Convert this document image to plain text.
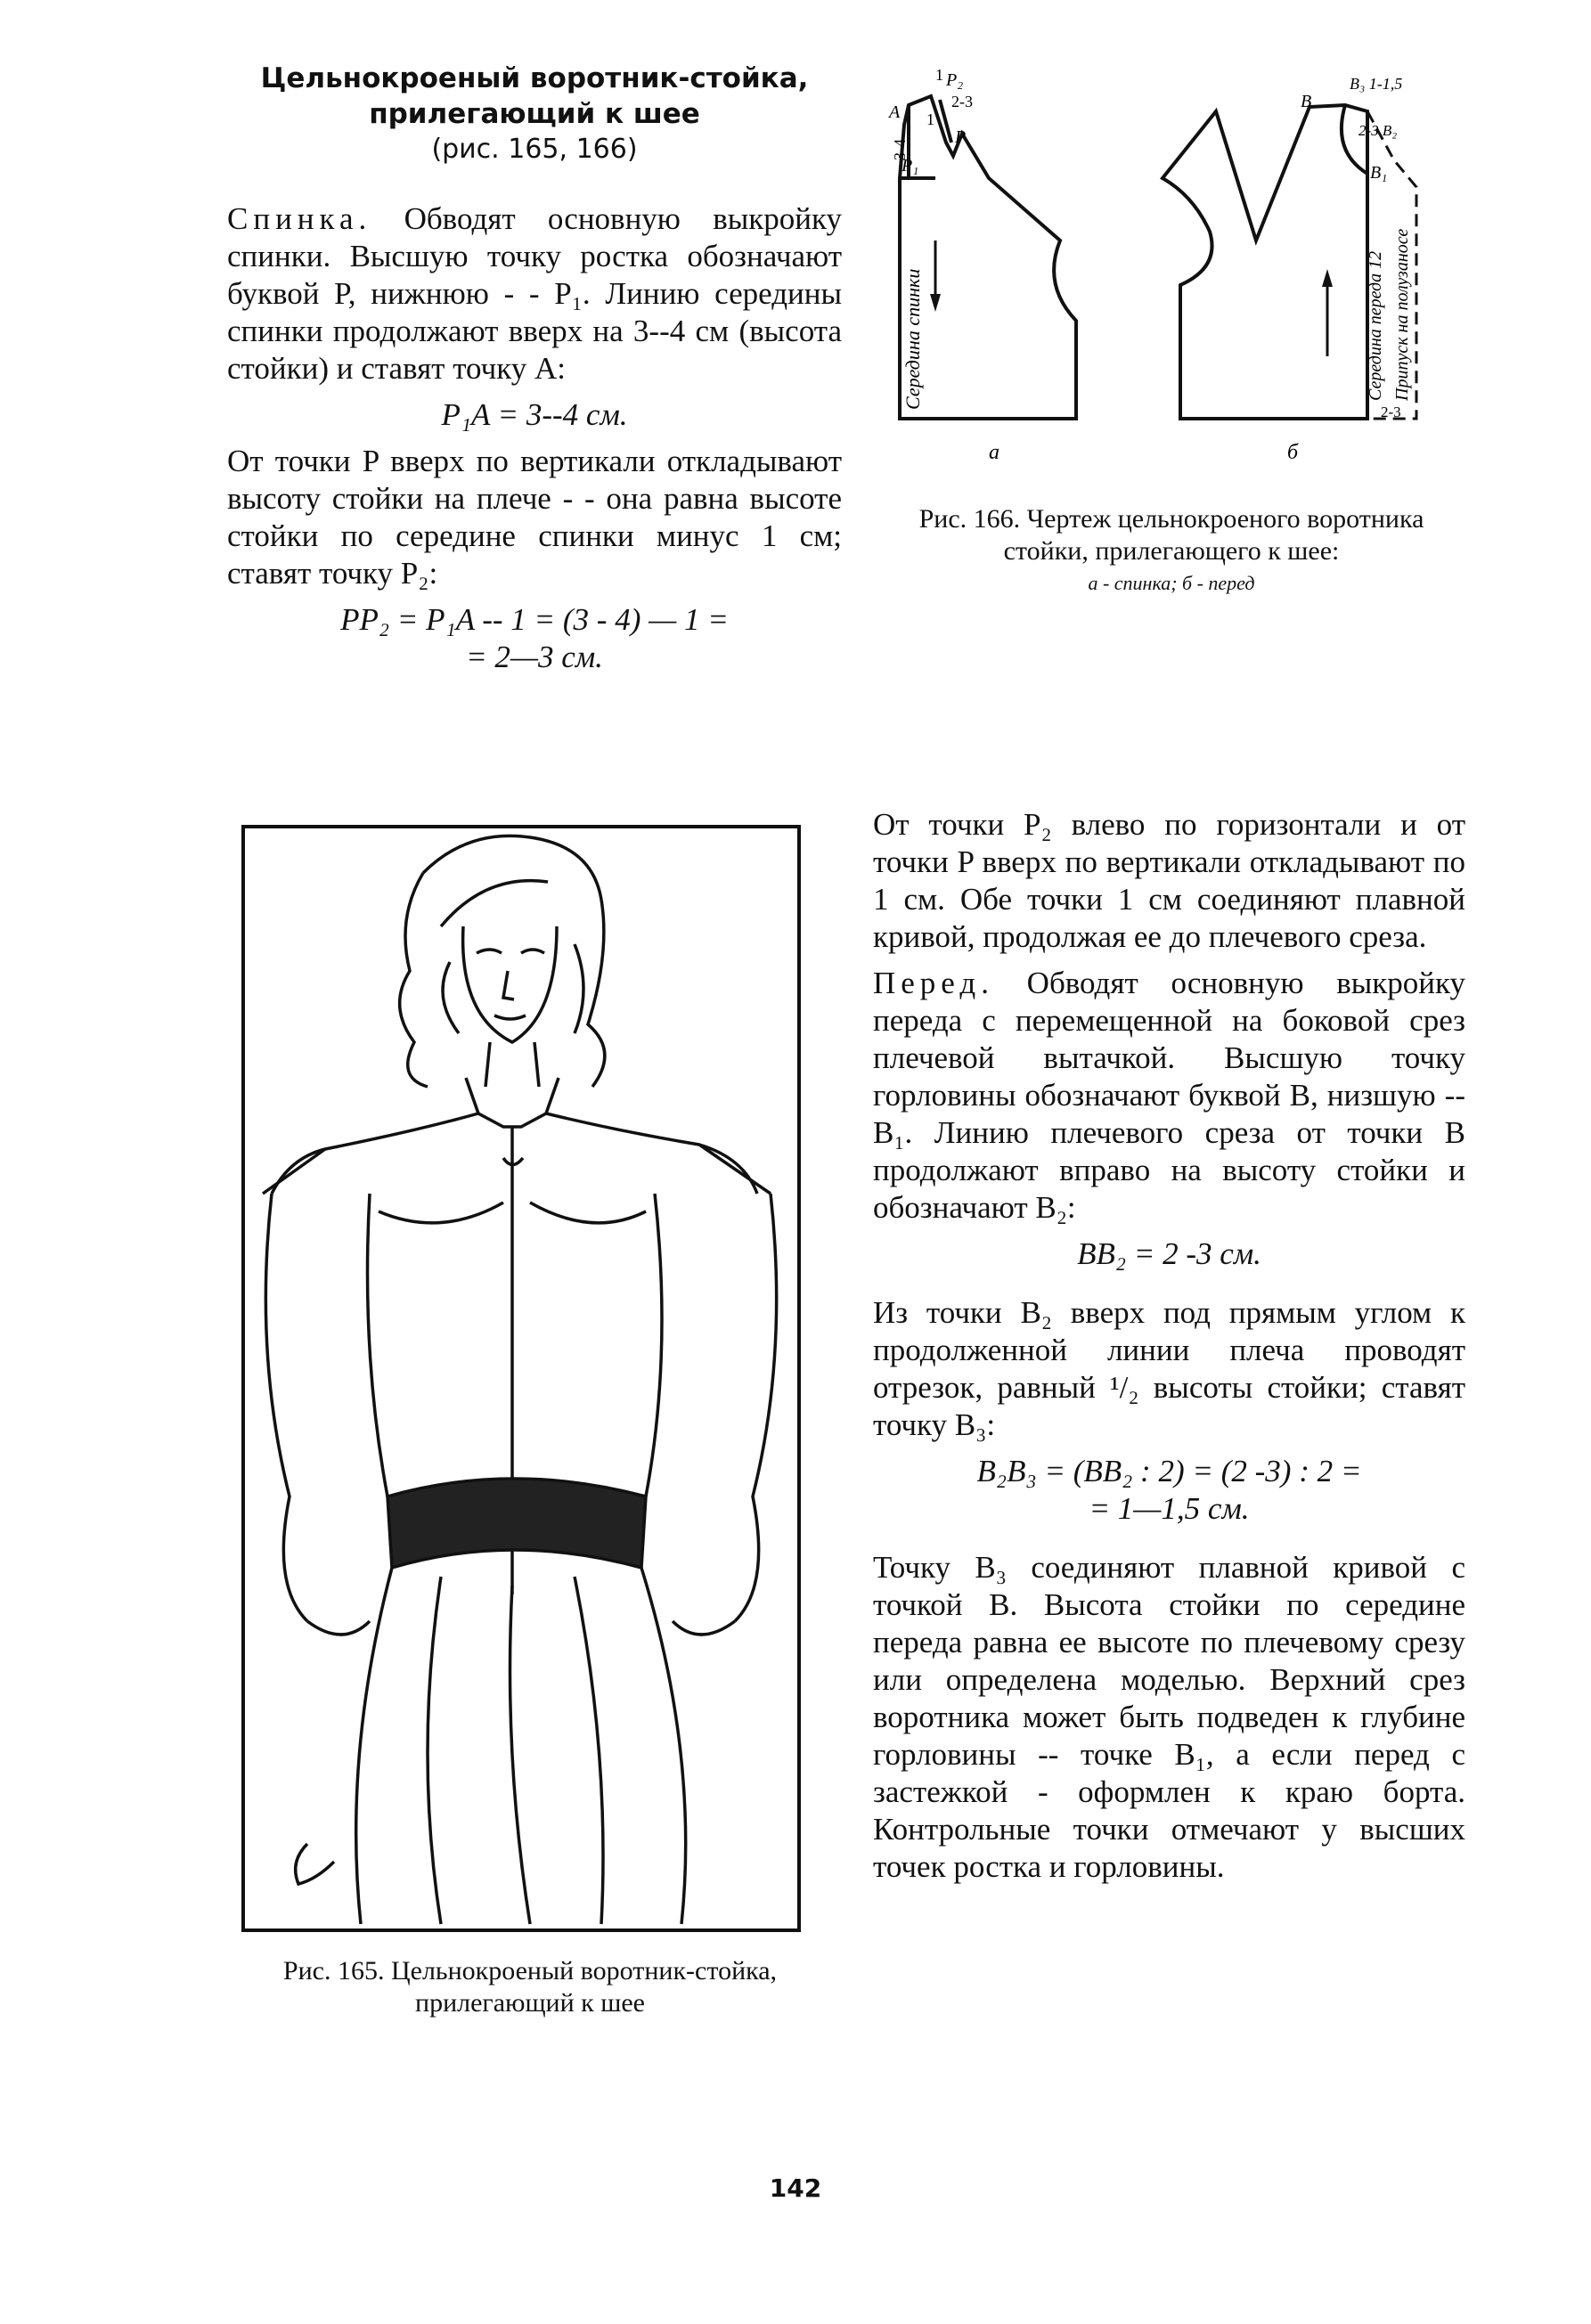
Цельнокроеный воротник-стойка,
прилегающий к шее
(рис. 165, 166)

Спинка. Обводят основную выкройку спинки. Высшую точку ростка обозначают буквой P, нижнюю - - P₁. Линию середины спинки продолжают вверх на 3--4 см (высота стойки) и ставят точку A:

P₁A = 3--4 см.

От точки P вверх по вертикали откладывают высоту стойки на плече - - она равна высоте стойки по середине спинки минус 1 см; ставят точку P₂:

PP₂ = P₁A -- 1 = (3 - 4) — 1 =

= 2—3 см.

A
1 P₂
1
2-3
P
P₁
3-4
Середина спинки
а
B
B₃ 1-1,5
2-3 B₂
B₁
Середина переда 12 Припуск на полузаносе
2-3
б
Рис. 166. Чертеж цельнокроеного воротника стойки, прилегающего к шее:
а - спинка; б - перед
Рис. 165. Цельнокроеный воротник-стойка, прилегающий к шее

От точки P₂ влево по горизонтали и от точки P вверх по вертикали откладывают по 1 см. Обе точки 1 см соединяют плавной кривой, продолжая ее до плечевого среза.

Перед. Обводят основную выкройку переда с перемещенной на боковой срез плечевой вытачкой. Высшую точку горловины обозначают буквой B, низшую -- B₁. Линию плечевого среза от точки B продолжают вправо на высоту стойки и обозначают B₂:

BB₂ = 2 -3 см.

Из точки B₂ вверх под прямым углом к продолженной линии плеча проводят отрезок, равный ¹/₂ высоты стойки; ставят точку B₃:

B₂B₃ = (BB₂ : 2) = (2 -3) : 2 =

= 1—1,5 см.

Точку B₃ соединяют плавной кривой с точкой B. Высота стойки по середине переда равна ее высоте по плечевому срезу или определена моделью. Верхний срез воротника может быть подведен к глубине горловины -- точке B₁, а если перед с застежкой - оформлен к краю борта. Контрольные точки отмечают у высших точек ростка и горловины.

142
